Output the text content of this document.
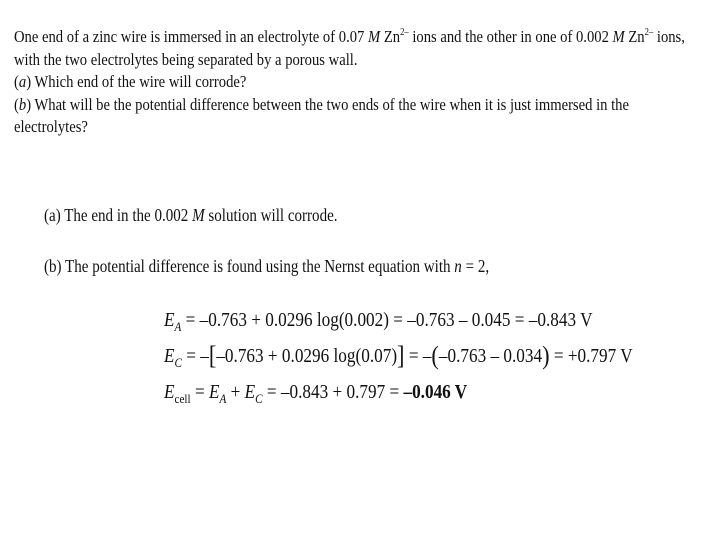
One end of a zinc wire is immersed in an electrolyte of 0.07 M $Zn^{2-}$ ions and the other in one of 0.002 M $Zn^{2-}$ ions,
with the two electrolytes being separated by a porous wall.
(a) Which end of the wire will corrode?
(b) What will be the potential difference between the two ends of the wire when it is just immersed in the
electrolytes?
(a) The end in the 0.002 M solution will corrode.
(b) The potential difference is found using the Nernst equation with n = 2,
$E_A = -0.763 + 0.0296$ log(0.002) = –0.763 – 0.045 = –0.843 V
$E_C = -[-0.763 + 0.0296$ log(0.07)] = –(–0.763 – 0.034) = +0.797 V
$E_{cell} = E_A + E_C = -0.843 + 0.797 = -0.046$ V
